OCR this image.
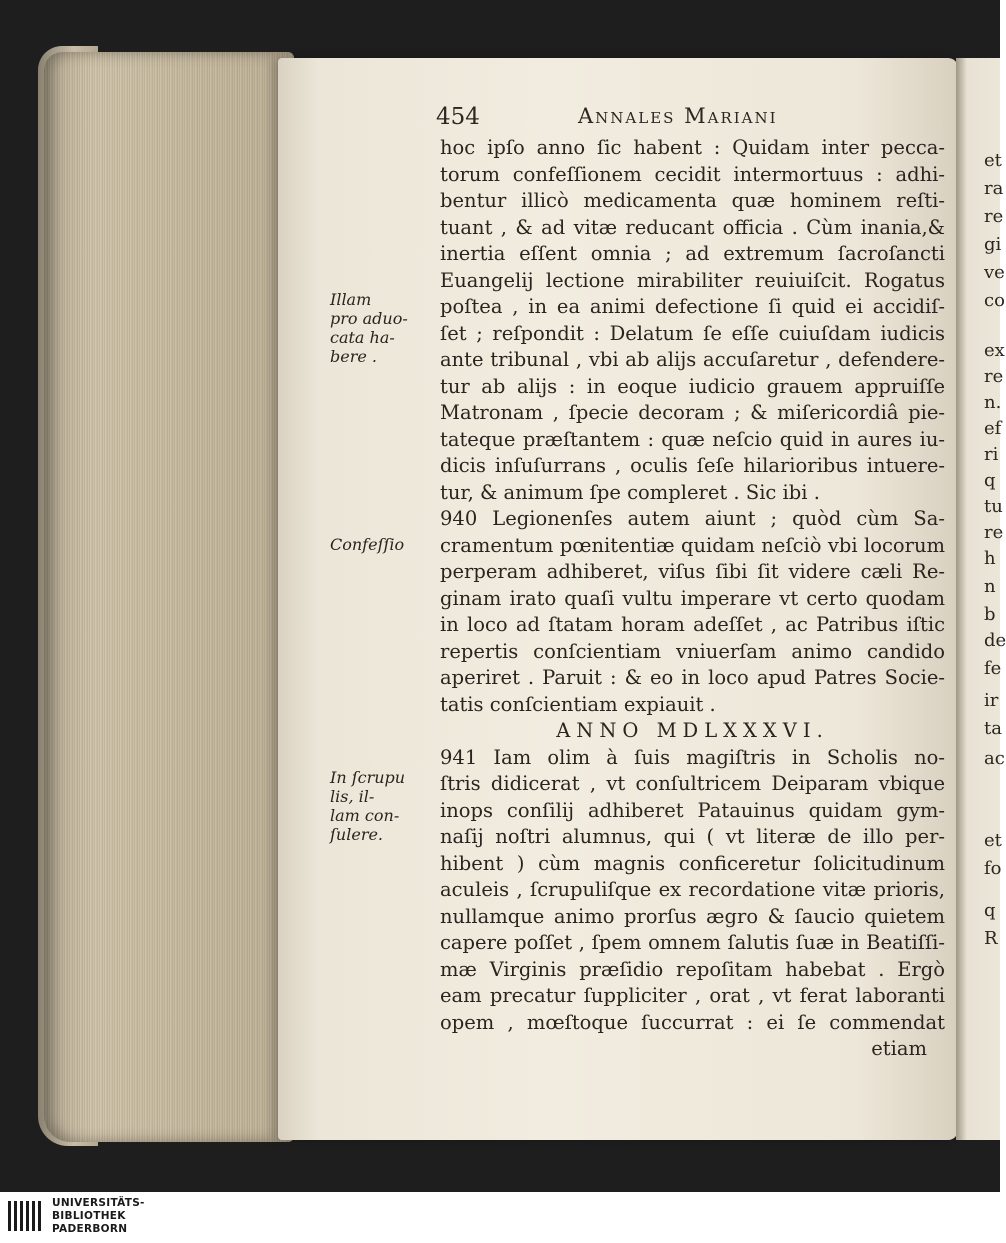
454	Annales Mariani
hoc ipſo anno ſic habent : Quidam inter pecca-
torum confeſſionem cecidit intermortuus : adhi-
bentur illicò medicamenta quæ hominem reſti-
tuant , & ad vitæ reducant officia . Cùm inania,&
inertia eſſent omnia ; ad extremum ſacroſancti
Euangelij lectione mirabiliter reuiuiſcit. Rogatus
poſtea , in ea animi defectione ſi quid ei accidiſ-
ſet ; reſpondit : Delatum ſe eſſe cuiuſdam iudicis
ante tribunal , vbi ab alijs accuſaretur , defendere-
tur ab alijs : in eoque iudicio grauem appruiſſe
Matronam , ſpecie decoram ; & miſericordiâ pie-
tateque præſtantem : quæ neſcio quid in aures iu-
dicis inſuſurrans , oculis ſeſe hilarioribus intuere-
tur, & animum ſpe compleret . Sic ibi .
940 Legionenſes autem aiunt ; quòd cùm Sa-
cramentum pœnitentiæ quidam neſciò vbi locorum
perperam adhiberet, viſus ſibi ſit videre cæli Re-
ginam irato quaſi vultu imperare vt certo quodam
in loco ad ſtatam horam adeſſet , ac Patribus iſtic
repertis conſcientiam vniuerſam animo candido
aperiret . Paruit : & eo in loco apud Patres Socie-
tatis conſcientiam expiauit .
ANNO MDLXXXVI.
941 Iam olim à ſuis magiſtris in Scholis no-
ſtris didicerat , vt conſultricem Deiparam vbique
inops conſilij adhiberet Patauinus quidam gym-
naſij noſtri alumnus, qui ( vt literæ de illo per-
hibent ) cùm magnis conficeretur ſolicitudinum
aculeis , ſcrupuliſque ex recordatione vitæ prioris,
nullamque animo prorſus ægro & ſaucio quietem
capere poſſet , ſpem omnem ſalutis ſuæ in Beatiſſi-
mæ Virginis præſidio repoſitam habebat . Ergò
eam precatur ſuppliciter , orat , vt ferat laboranti
opem , mœſtoque ſuccurrat : ei ſe commendat
etiam
Illam
pro aduo-
cata ha-
bere .
Confeſſio
In ſcrupu
lis, il-
lam con-
ſulere.
et
ra
re
gi
ve
co
ex
re
n.
ef
ri
q
tu
re
h
n
b
de
fe
ir
ta
ac
et
fo
q
R
UNIVERSITÄTS-
BIBLIOTHEK
PADERBORN
